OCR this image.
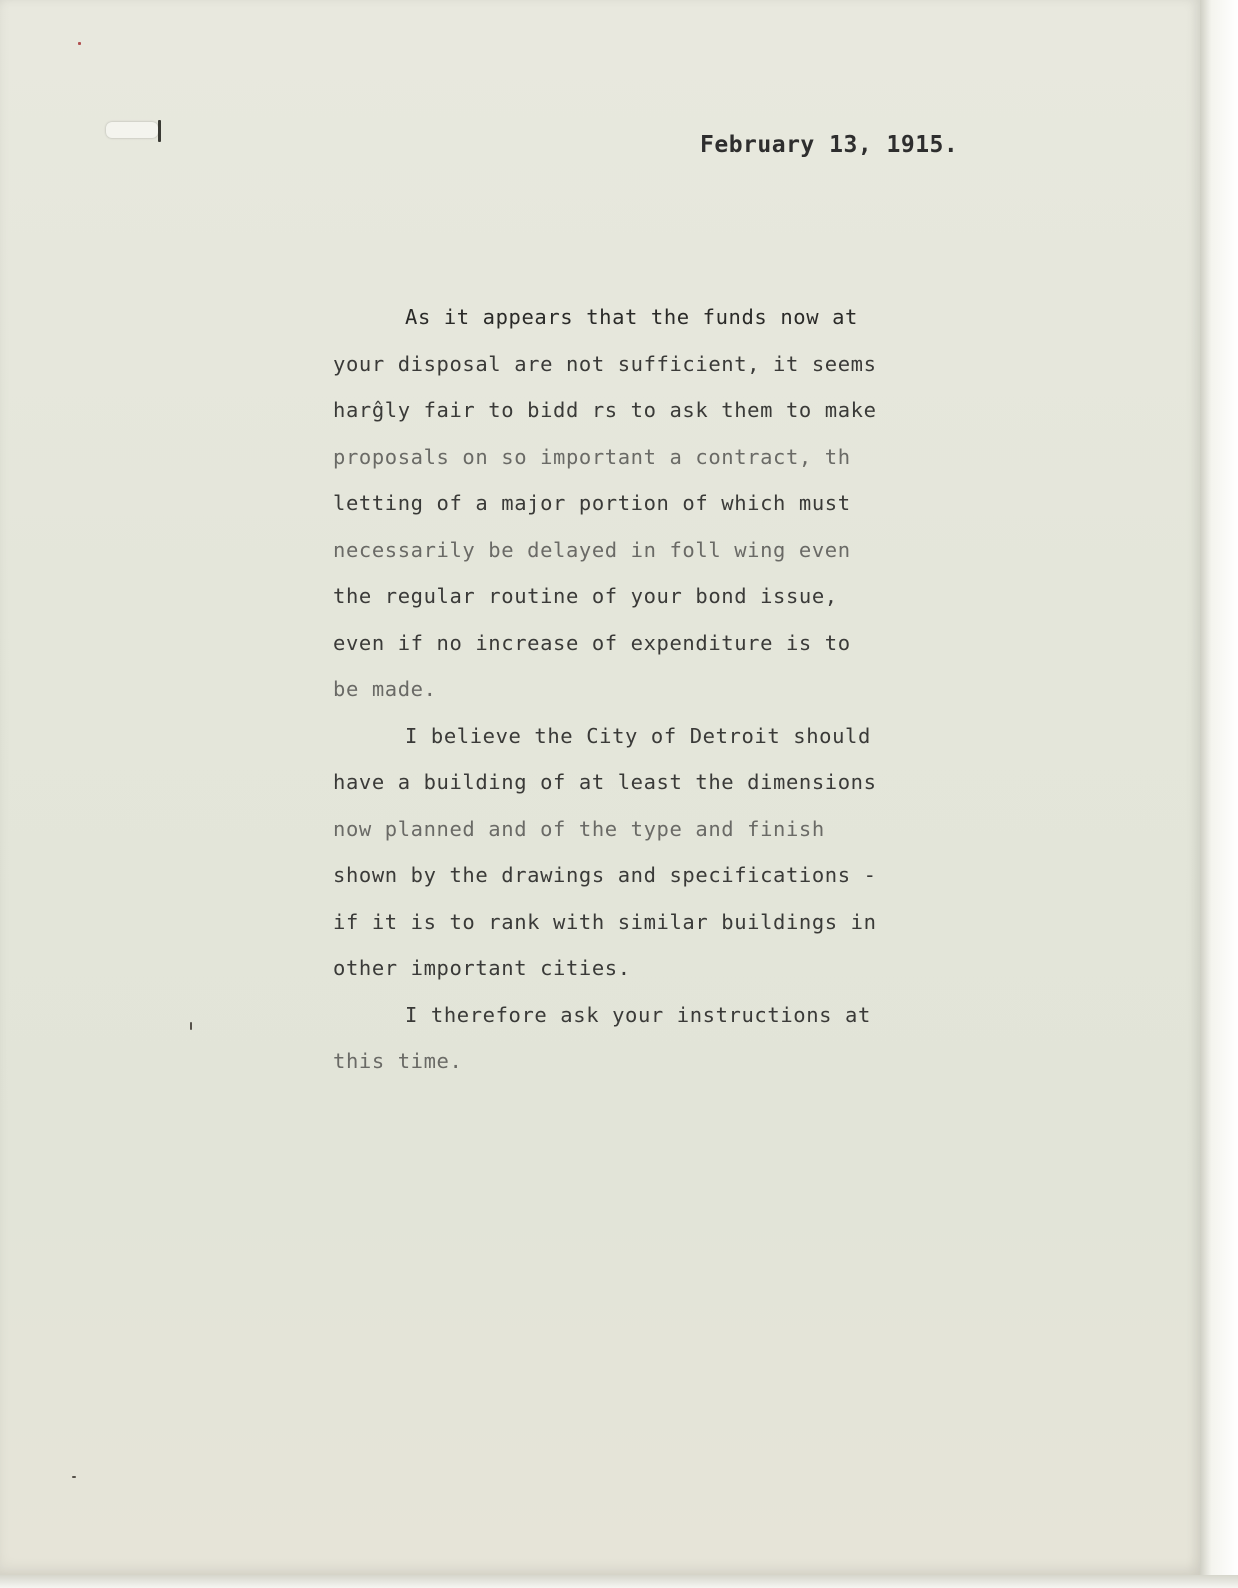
February 13, 1915.
As it appears that the funds now at
your disposal are not sufficient, it seems
harĝly fair to bidd rs to ask them to make
proposals on so important a contract, th
letting of a major portion of which must
necessarily be delayed in foll wing even
the regular routine of your bond issue,
even if no increase of expenditure is to
be made.
I believe the City of Detroit should
have a building of at least the dimensions
now planned and of the type and finish
shown by the drawings and specifications -
if it is to rank with similar buildings in
other important cities.
I therefore ask your instructions at
this time.
